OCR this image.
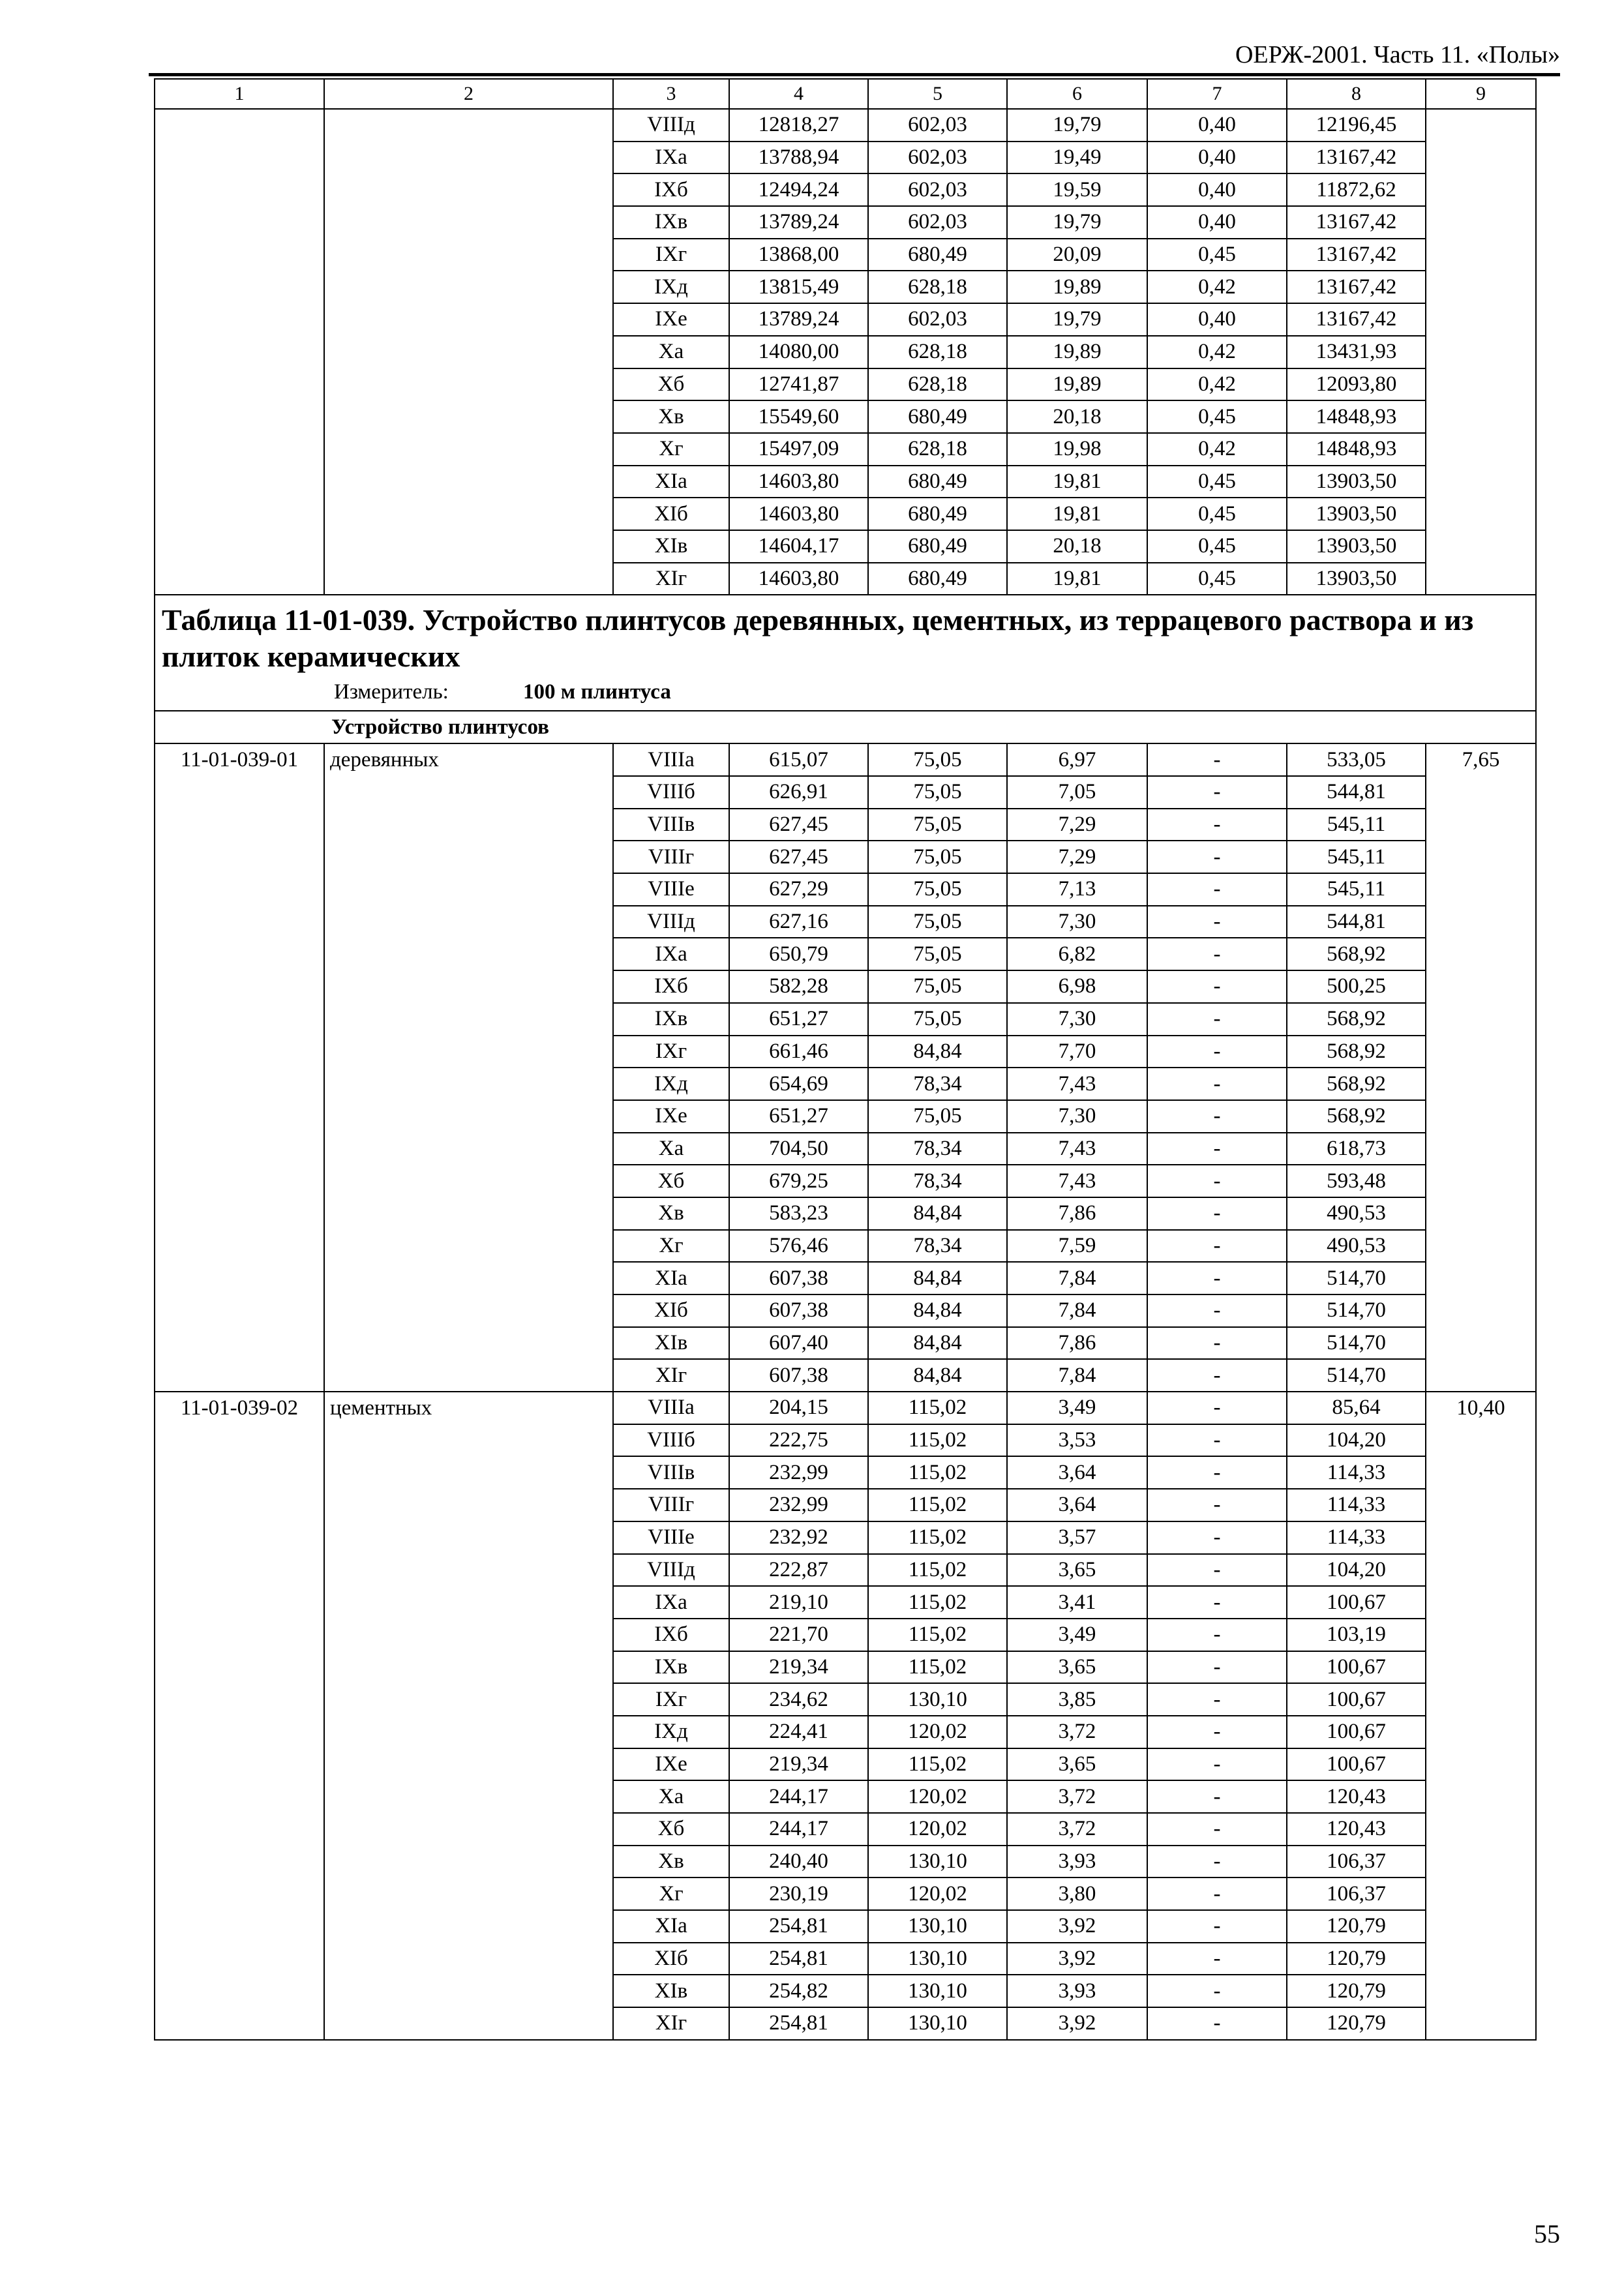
ОЕРЖ-2001. Часть 11. «Полы»
1	2	3	4	5	6	7	8	9
		VIIIд	12818,27	602,03	19,79	0,40	12196,45	
		IXа	13788,94	602,03	19,49	0,40	13167,42	
		IXб	12494,24	602,03	19,59	0,40	11872,62	
		IXв	13789,24	602,03	19,79	0,40	13167,42	
		IXг	13868,00	680,49	20,09	0,45	13167,42	
		IXд	13815,49	628,18	19,89	0,42	13167,42	
		IXе	13789,24	602,03	19,79	0,40	13167,42	
		Xа	14080,00	628,18	19,89	0,42	13431,93	
		Xб	12741,87	628,18	19,89	0,42	12093,80	
		Xв	15549,60	680,49	20,18	0,45	14848,93	
		Xг	15497,09	628,18	19,98	0,42	14848,93	
		XIа	14603,80	680,49	19,81	0,45	13903,50	
		XIб	14603,80	680,49	19,81	0,45	13903,50	
		XIв	14604,17	680,49	20,18	0,45	13903,50	
		XIг	14603,80	680,49	19,81	0,45	13903,50	

Таблица 11-01-039. Устройство плинтусов деревянных, цементных, из террацевого раствора и из плиток керамических
Измеритель: 100 м плинтуса								

Устройство плинтусов								
11-01-039-01	деревянных	VIIIа	615,07	75,05	6,97	-	533,05	7,65
		VIIIб	626,91	75,05	7,05	-	544,81	
		VIIIв	627,45	75,05	7,29	-	545,11	
		VIIIг	627,45	75,05	7,29	-	545,11	
		VIIIе	627,29	75,05	7,13	-	545,11	
		VIIIд	627,16	75,05	7,30	-	544,81	
		IXа	650,79	75,05	6,82	-	568,92	
		IXб	582,28	75,05	6,98	-	500,25	
		IXв	651,27	75,05	7,30	-	568,92	
		IXг	661,46	84,84	7,70	-	568,92	
		IXд	654,69	78,34	7,43	-	568,92	
		IXе	651,27	75,05	7,30	-	568,92	
		Xа	704,50	78,34	7,43	-	618,73	
		Xб	679,25	78,34	7,43	-	593,48	
		Xв	583,23	84,84	7,86	-	490,53	
		Xг	576,46	78,34	7,59	-	490,53	
		XIа	607,38	84,84	7,84	-	514,70	
		XIб	607,38	84,84	7,84	-	514,70	
		XIв	607,40	84,84	7,86	-	514,70	
		XIг	607,38	84,84	7,84	-	514,70	
11-01-039-02	цементных	VIIIа	204,15	115,02	3,49	-	85,64	10,40
		VIIIб	222,75	115,02	3,53	-	104,20	
		VIIIв	232,99	115,02	3,64	-	114,33	
		VIIIг	232,99	115,02	3,64	-	114,33	
		VIIIе	232,92	115,02	3,57	-	114,33	
		VIIIд	222,87	115,02	3,65	-	104,20	
		IXа	219,10	115,02	3,41	-	100,67	
		IXб	221,70	115,02	3,49	-	103,19	
		IXв	219,34	115,02	3,65	-	100,67	
		IXг	234,62	130,10	3,85	-	100,67	
		IXд	224,41	120,02	3,72	-	100,67	
		IXе	219,34	115,02	3,65	-	100,67	
		Xа	244,17	120,02	3,72	-	120,43	
		Xб	244,17	120,02	3,72	-	120,43	
		Xв	240,40	130,10	3,93	-	106,37	
		Xг	230,19	120,02	3,80	-	106,37	
		XIа	254,81	130,10	3,92	-	120,79	
		XIб	254,81	130,10	3,92	-	120,79	
		XIв	254,82	130,10	3,93	-	120,79	
		XIг	254,81	130,10	3,92	-	120,79	
55
